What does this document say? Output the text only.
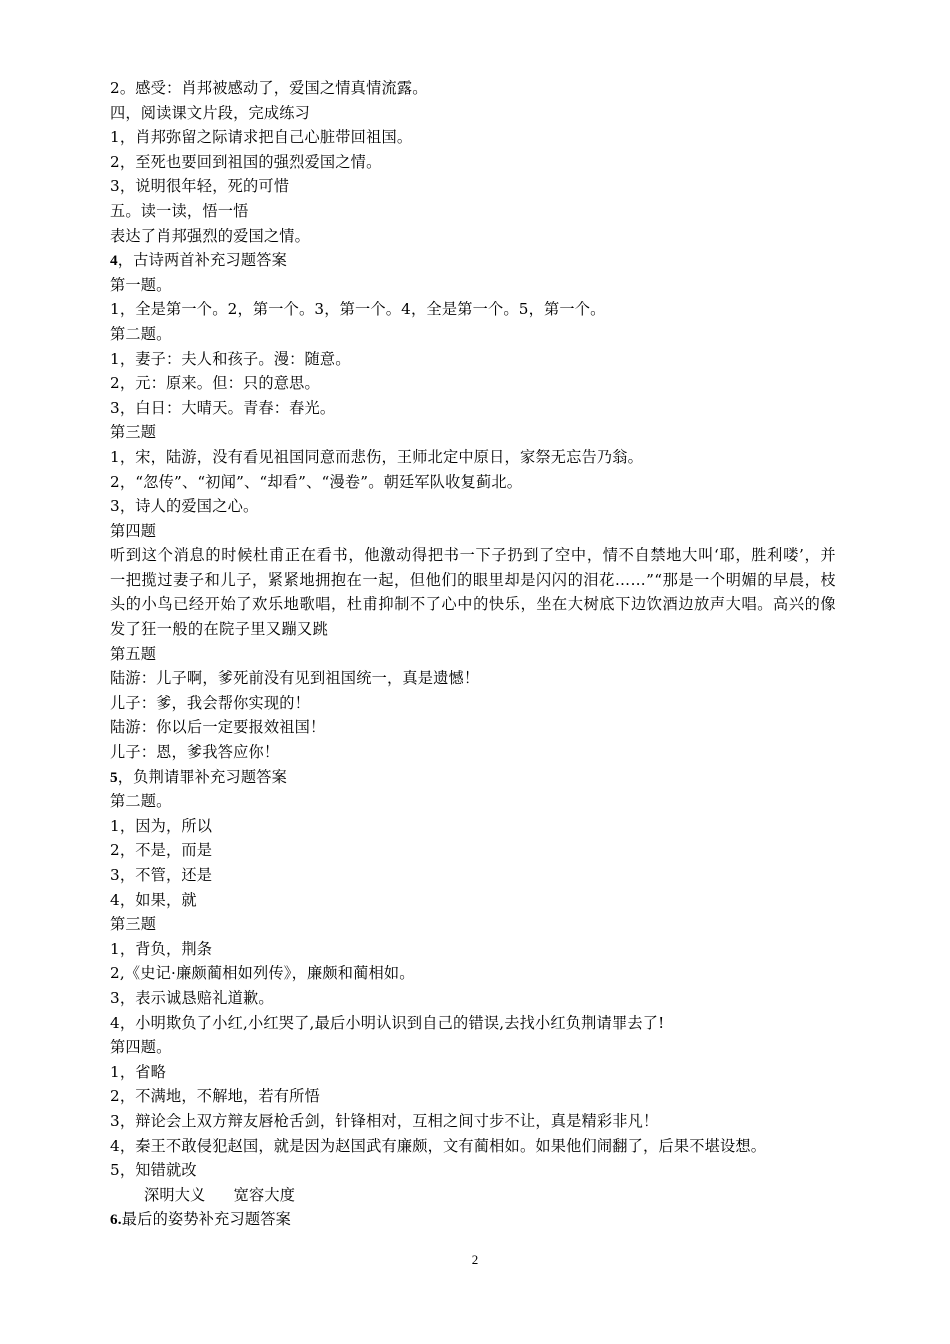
2。感受：肖邦被感动了，爱国之情真情流露。
四，阅读课文片段，完成练习
1，肖邦弥留之际请求把自己心脏带回祖国。
2，至死也要回到祖国的强烈爱国之情。
3，说明很年轻，死的可惜
五。读一读，悟一悟
表达了肖邦强烈的爱国之情。
4，古诗两首补充习题答案
第一题。
1，全是第一个。2，第一个。3，第一个。4，全是第一个。5，第一个。
第二题。
1，妻子：夫人和孩子。漫：随意。
2，元：原来。但：只的意思。
3，白日：大晴天。青春：春光。
第三题
1，宋，陆游，没有看见祖国同意而悲伤，王师北定中原日，家祭无忘告乃翁。
2，“忽传”、“初闻”、“却看”、“漫卷”。朝廷军队收复蓟北。
3，诗人的爱国之心。
第四题
听到这个消息的时候杜甫正在看书，他激动得把书一下子扔到了空中，情不自禁地大叫‘耶，胜利喽’，并一把揽过妻子和儿子，紧紧地拥抱在一起，但他们的眼里却是闪闪的泪花……”“那是一个明媚的早晨，枝头的小鸟已经开始了欢乐地歌唱，杜甫抑制不了心中的快乐，坐在大树底下边饮酒边放声大唱。高兴的像发了狂一般的在院子里又蹦又跳
第五题
陆游：儿子啊，爹死前没有见到祖国统一，真是遗憾！
儿子：爹，我会帮你实现的！
陆游：你以后一定要报效祖国！
儿子：恩，爹我答应你！
5，负荆请罪补充习题答案
第二题。
1，因为，所以
2，不是，而是
3，不管，还是
4，如果，就
第三题
1，背负，荆条
2,《史记·廉颇蔺相如列传》，廉颇和蔺相如。
3，表示诚恳赔礼道歉。
4，小明欺负了小红,小红哭了,最后小明认识到自己的错误,去找小红负荆请罪去了!
第四题。
1，省略
2，不满地，不解地，若有所悟
3，辩论会上双方辩友唇枪舌剑，针锋相对，互相之间寸步不让，真是精彩非凡！
4，秦王不敢侵犯赵国，就是因为赵国武有廉颇，文有蔺相如。如果他们闹翻了，后果不堪设想。
5，知错就改
深明大义 宽容大度
6.最后的姿势补充习题答案
2
